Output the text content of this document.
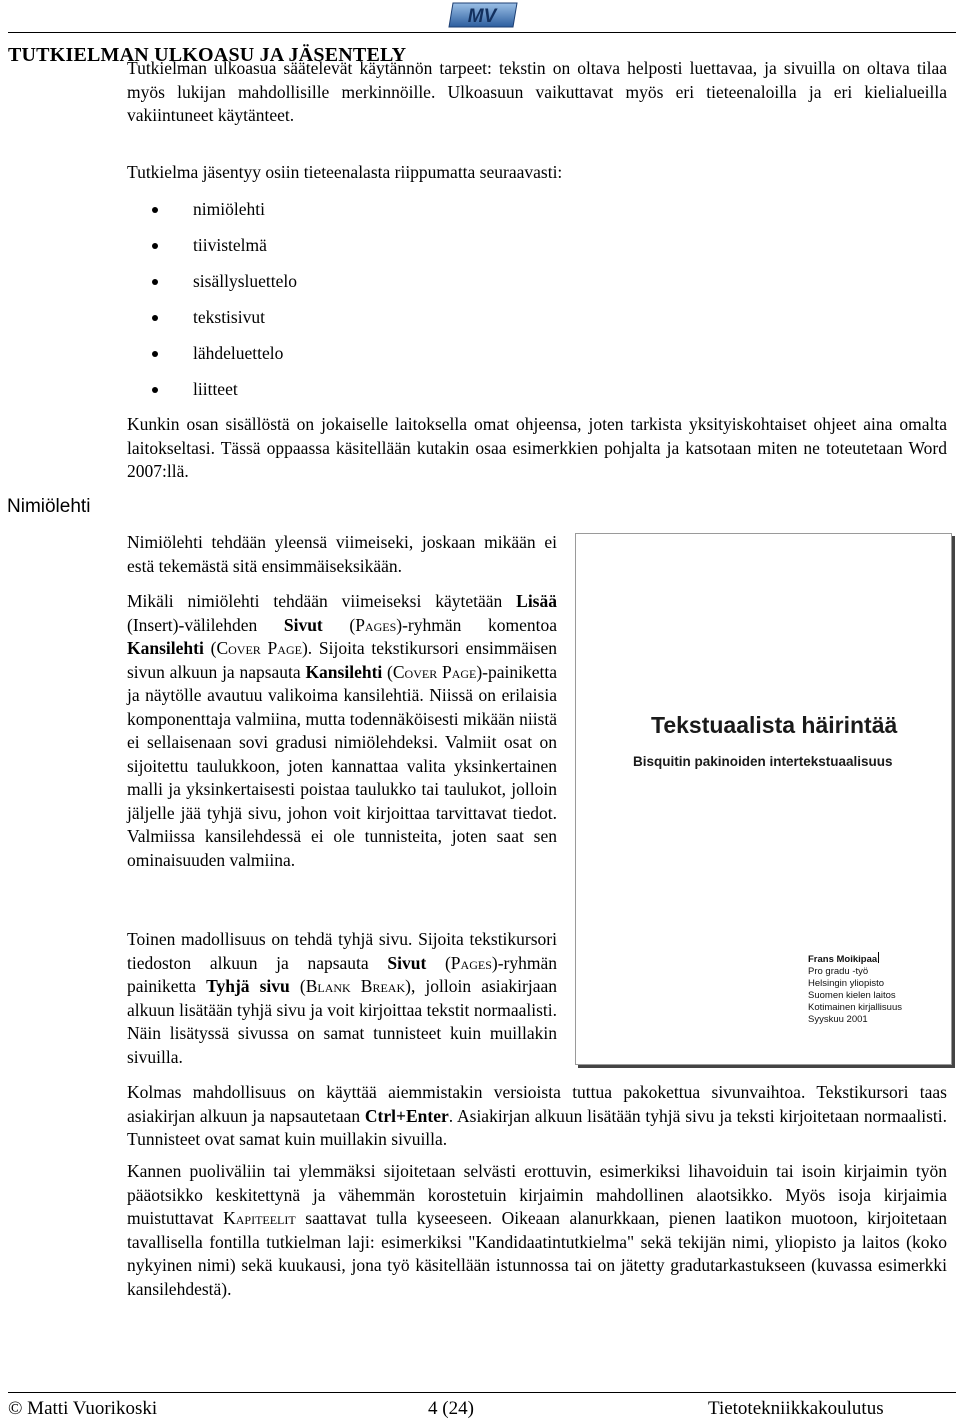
MV
TUTKIELMAN ULKOASU JA JÄSENTELY

Tutkielman ulkoasua säätelevät käytännön tarpeet: tekstin on oltava helposti luettavaa, ja sivuilla on oltava tilaa myös lukijan mahdollisille merkinnöille. Ulkoasuun vaikuttavat myös eri tieteenaloilla ja eri kielialueilla vakiintuneet käytänteet.

Tutkielma jäsentyy osiin tieteenalasta riippumatta seuraavasti:

nimiölehti
tiivistelmä
sisällysluettelo
tekstisivut
lähdeluettelo
liitteet

Kunkin osan sisällöstä on jokaiselle laitoksella omat ohjeensa, joten tarkista yksityiskohtaiset ohjeet aina omalta laitokseltasi. Tässä oppaassa käsitellään kutakin osaa esimerkkien pohjalta ja katsotaan miten ne toteutetaan Word 2007:llä.

Nimiölehti

Nimiölehti tehdään yleensä viimeiseki, joskaan mikään ei estä tekemästä sitä ensimmäiseksikään.

Mikäli nimiölehti tehdään viimeiseksi käytetään Lisää (Insert)-välilehden Sivut (Pages)-ryhmän komentoa Kansilehti (Cover Page). Sijoita tekstikursori ensimmäisen sivun alkuun ja napsauta Kansilehti (Cover Page)-painiketta ja näytölle avautuu valikoima kansilehtiä. Niissä on erilaisia komponenttaja valmiina, mutta todennäköisesti mikään niistä ei sellaisenaan sovi gradusi nimiölehdeksi. Valmiit osat on sijoitettu taulukkoon, joten kannattaa valita yksinkertainen malli ja yksinkertaisesti poistaa taulukko tai taulukot, jolloin jäljelle jää tyhjä sivu, johon voit kirjoittaa tarvittavat tiedot. Valmiissa kansilehdessä ei ole tunnisteita, joten saat sen ominaisuuden valmiina.

Toinen madollisuus on tehdä tyhjä sivu. Sijoita tekstikursori tiedoston alkuun ja napsauta Sivut (Pages)-ryhmän painiketta Tyhjä sivu (Blank Break), jolloin asiakirjaan alkuun lisätään tyhjä sivu ja voit kirjoittaa tekstit normaalisti. Näin lisätyssä sivussa on samat tunnisteet kuin muillakin sivuilla.

Kolmas mahdollisuus on käyttää aiemmistakin versioista tuttua pakokettua sivunvaihtoa. Tekstikursori taas asiakirjan alkuun ja napsautetaan Ctrl+Enter. Asiakirjan alkuun lisätään tyhjä sivu ja teksti kirjoitetaan normaalisti. Tunnisteet ovat samat kuin muillakin sivuilla.

Kannen puoliväliin tai ylemmäksi sijoitetaan selvästi erottuvin, esimerkiksi lihavoiduin tai isoin kirjaimin työn pääotsikko keskitettynä ja vähemmän korostetuin kirjaimin mahdollinen alaotsikko. Myös isoja kirjaimia muistuttavat Kapiteelit saattavat tulla kyseeseen. Oikeaan alanurkkaan, pienen laatikon muotoon, kirjoitetaan tavallisella fontilla tutkielman laji: esimerkiksi "Kandidaatintutkielma" sekä tekijän nimi, yliopisto ja laitos (koko nykyinen nimi) sekä kuukausi, jona työ käsitellään istunnossa tai on jätetty gradutarkastukseen (kuvassa esimerkki kansilehdestä).

Tekstuaalista häirintää
Bisquitin pakinoiden intertekstuaalisuus
Frans Moikipaa
Pro gradu -työ
Helsingin yliopisto
Suomen kielen laitos
Kotimainen kirjallisuus
Syyskuu 2001
© Matti Vuorikoski	4 (24)	Tietotekniikkakoulutus
